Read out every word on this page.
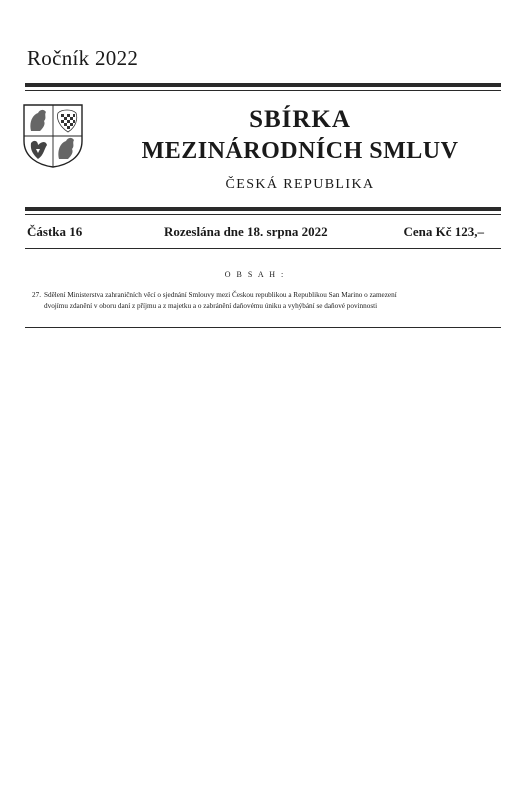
Ročník 2022
SBÍRKA
MEZINÁRODNÍCH SMLUV
ČESKÁ REPUBLIKA
Částka 16	Rozeslána dne 18. srpna 2022	Cena Kč 123,–
O B S A H :
27. Sdělení Ministerstva zahraničních věcí o sjednání Smlouvy mezi Českou republikou a Republikou San Marino o zamezení
dvojímu zdanění v oboru daní z příjmu a z majetku a o zabránění daňovému úniku a vyhýbání se daňové povinnosti
